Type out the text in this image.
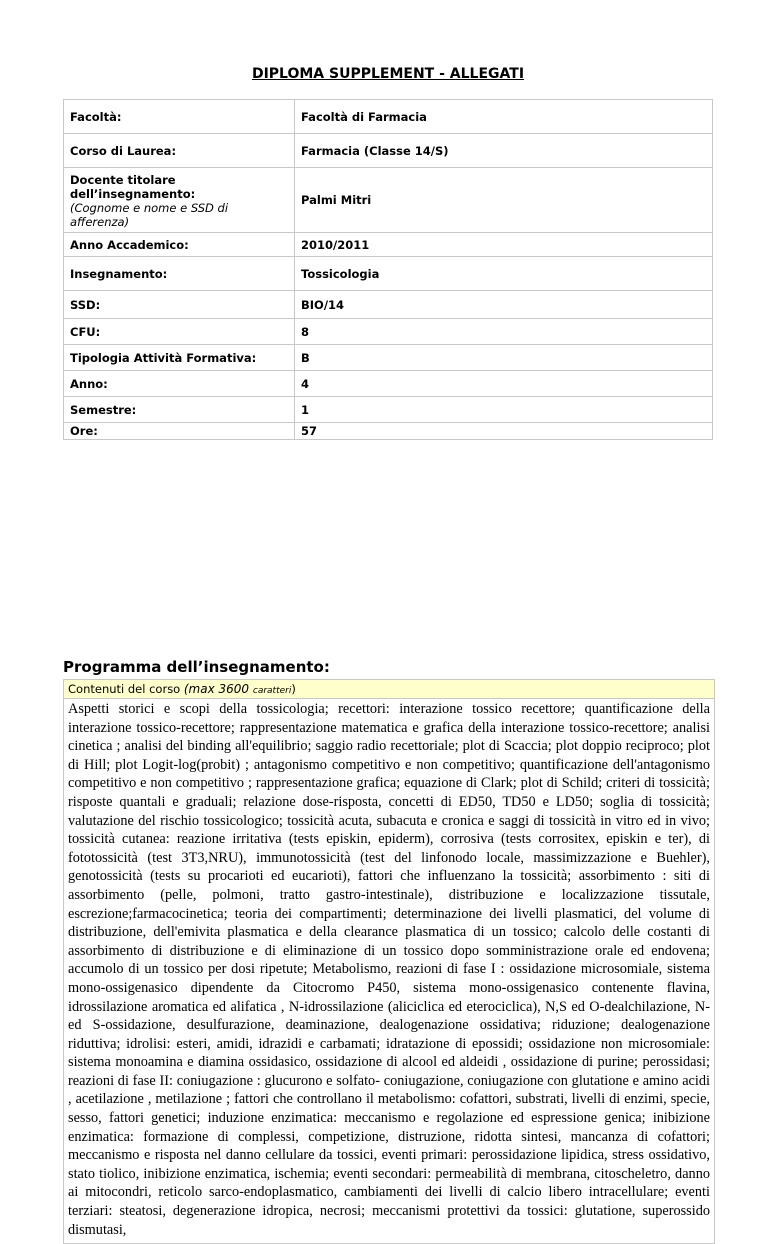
DIPLOMA SUPPLEMENT - ALLEGATI
Facoltà:	Facoltà di Farmacia
Corso di Laurea:	Farmacia (Classe 14/S)
Docente titolare
dell’insegnamento:
(Cognome e nome e SSD di afferenza)	Palmi Mitri
Anno Accademico:	2010/2011
Insegnamento:	Tossicologia
SSD:	BIO/14
CFU:	8
Tipologia Attività Formativa:	B
Anno:	4
Semestre:	1
Ore:	57
Programma dell’insegnamento:
Contenuti del corso (max 3600 caratteri)
Aspetti storici e scopi della tossicologia; recettori: interazione tossico recettore; quantificazione della interazione tossico-recettore; rappresentazione matematica e grafica della interazione tossico-recettore; analisi cinetica ; analisi del binding all'equilibrio; saggio radio recettoriale; plot di Scaccia; plot doppio reciproco; plot di Hill; plot Logit-log(probit) ; antagonismo competitivo e non competitivo; quantificazione dell'antagonismo competitivo e non competitivo ; rappresentazione grafica; equazione di Clark; plot di Schild; criteri di tossicità; risposte quantali e graduali; relazione dose-risposta, concetti di ED50, TD50 e LD50; soglia di tossicità; valutazione del rischio tossicologico; tossicità acuta, subacuta e cronica e saggi di tossicità in vitro ed in vivo; tossicità cutanea: reazione irritativa (tests episkin, epiderm), corrosiva (tests corrositex, episkin e ter), di fototossicità (test 3T3,NRU), immunotossicità (test del linfonodo locale, massimizzazione e Buehler), genotossicità (tests su procarioti ed eucarioti), fattori che influenzano la tossicità; assorbimento : siti di assorbimento (pelle, polmoni, tratto gastro-intestinale), distribuzione e localizzazione tissutale, escrezione;farmacocinetica; teoria dei compartimenti; determinazione dei livelli plasmatici, del volume di distribuzione, dell'emivita plasmatica e della clearance plasmatica di un tossico; calcolo delle costanti di assorbimento di distribuzione e di eliminazione di un tossico dopo somministrazione orale ed endovena; accumolo di un tossico per dosi ripetute; Metabolismo, reazioni di fase I : ossidazione microsomiale, sistema mono-ossigenasico dipendente da Citocromo P450, sistema mono-ossigenasico contenente flavina, idrossilazione aromatica ed alifatica , N-idrossilazione (aliciclica ed eterociclica), N,S ed O-dealchilazione, N-ed S-ossidazione, desulfurazione, deaminazione, dealogenazione ossidativa; riduzione; dealogenazione riduttiva; idrolisi: esteri, amidi, idrazidi e carbamati; idratazione di epossidi; ossidazione non microsomiale: sistema monoamina e diamina ossidasico, ossidazione di alcool ed aldeidi , ossidazione di purine; perossidasi; reazioni di fase II: coniugazione : glucurono e solfato- coniugazione, coniugazione con glutatione e amino acidi , acetilazione , metilazione ; fattori che controllano il metabolismo: cofattori, substrati, livelli di enzimi, specie, sesso, fattori genetici; induzione enzimatica: meccanismo e regolazione ed espressione genica; inibizione enzimatica: formazione di complessi, competizione, distruzione, ridotta sintesi, mancanza di cofattori; meccanismo e risposta nel danno cellulare da tossici, eventi primari: perossidazione lipidica, stress ossidativo, stato tiolico, inibizione enzimatica, ischemia; eventi secondari: permeabilità di membrana, citoscheletro, danno ai mitocondri, reticolo sarco-endoplasmatico, cambiamenti dei livelli di calcio libero intracellulare; eventi terziari: steatosi, degenerazione idropica, necrosi; meccanismi protettivi da tossici: glutatione, superossido dismutasi,
